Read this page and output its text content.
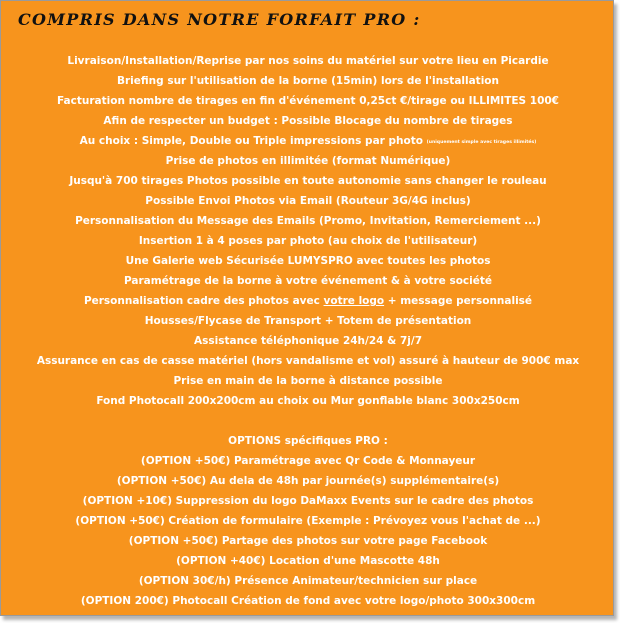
COMPRIS DANS NOTRE FORFAIT PRO :
Livraison/Installation/Reprise par nos soins du matériel sur votre lieu en Picardie
Briefing sur l'utilisation de la borne (15min) lors de l'installation
Facturation nombre de tirages en fin d'événement 0,25ct €/tirage ou ILLIMITES 100€
Afin de respecter un budget : Possible Blocage du nombre de tirages
Au choix : Simple, Double ou Triple impressions par photo (uniquement simple avec tirages illimités)
Prise de photos en illimitée (format Numérique)
Jusqu'à 700 tirages Photos possible en toute autonomie sans changer le rouleau
Possible Envoi Photos via Email (Routeur 3G/4G inclus)
Personnalisation du Message des Emails (Promo, Invitation, Remerciement ...)
Insertion 1 à 4 poses par photo (au choix de l'utilisateur)
Une Galerie web Sécurisée LUMYSPRO avec toutes les photos
Paramétrage de la borne à votre événement & à votre société
Personnalisation cadre des photos avec votre logo + message personnalisé
Housses/Flycase de Transport + Totem de présentation
Assistance téléphonique 24h/24 & 7j/7
Assurance en cas de casse matériel (hors vandalisme et vol) assuré à hauteur de 900€ max
Prise en main de la borne à distance possible
Fond Photocall 200x200cm au choix ou Mur gonflable blanc 300x250cm
OPTIONS spécifiques PRO :
(OPTION +50€) Paramétrage avec Qr Code & Monnayeur
(OPTION +50€) Au dela de 48h par journée(s) supplémentaire(s)
(OPTION +10€) Suppression du logo DaMaxx Events sur le cadre des photos
(OPTION +50€) Création de formulaire (Exemple : Prévoyez vous l'achat de ...)
(OPTION +50€) Partage des photos sur votre page Facebook
(OPTION +40€) Location d'une Mascotte 48h
(OPTION 30€/h) Présence Animateur/technicien sur place
(OPTION 200€) Photocall Création de fond avec votre logo/photo 300x300cm
